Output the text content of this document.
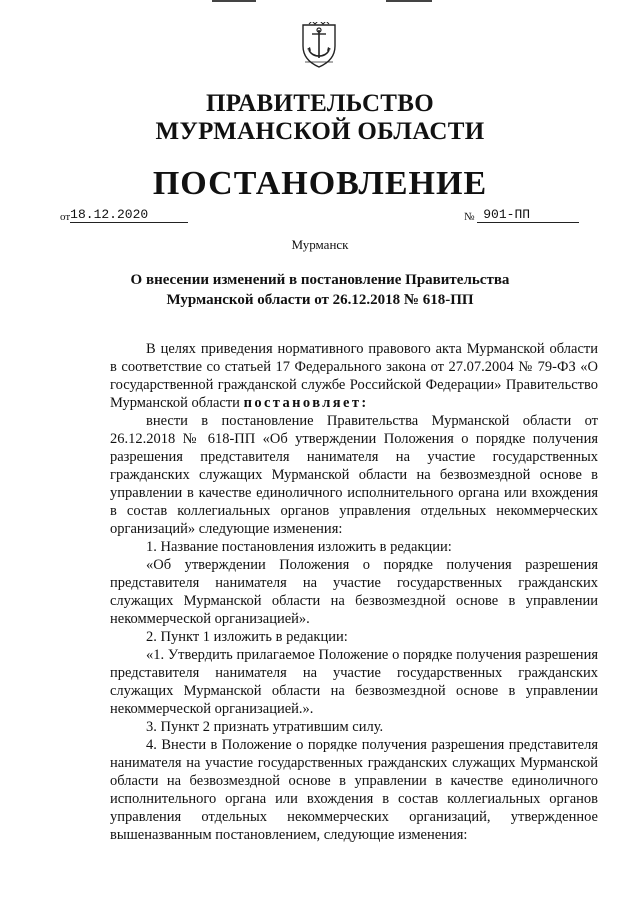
ПРАВИТЕЛЬСТВО
МУРМАНСКОЙ ОБЛАСТИ
ПОСТАНОВЛЕНИЕ
от18.12.2020	№ 901-ПП
Мурманск
О внесении изменений в постановление Правительства
Мурманской области от 26.12.2018 № 618-ПП

В целях приведения нормативного правового акта Мурманской области в соответствие со статьей 17 Федерального закона от 27.07.2004 № 79-ФЗ «О государственной гражданской службе Российской Федерации» Правительство Мурманской области постановляет:

внести в постановление Правительства Мурманской области от 26.12.2018 № 618-ПП «Об утверждении Положения о порядке получения разрешения представителя нанимателя на участие государственных гражданских служащих Мурманской области на безвозмездной основе в управлении в качестве единоличного исполнительного органа или вхождения в состав коллегиальных органов управления отдельных некоммерческих организаций» следующие изменения:

1. Название постановления изложить в редакции:

«Об утверждении Положения о порядке получения разрешения представителя нанимателя на участие государственных гражданских служащих Мурманской области на безвозмездной основе в управлении некоммерческой организацией».

2. Пункт 1 изложить в редакции:

«1. Утвердить прилагаемое Положение о порядке получения разрешения представителя нанимателя на участие государственных гражданских служащих Мурманской области на безвозмездной основе в управлении некоммерческой организацией.».

3. Пункт 2 признать утратившим силу.

4. Внести в Положение о порядке получения разрешения представителя нанимателя на участие государственных гражданских служащих Мурманской области на безвозмездной основе в управлении в качестве единоличного исполнительного органа или вхождения в состав коллегиальных органов управления отдельных некоммерческих организаций, утвержденное вышеназванным постановлением, следующие изменения:
